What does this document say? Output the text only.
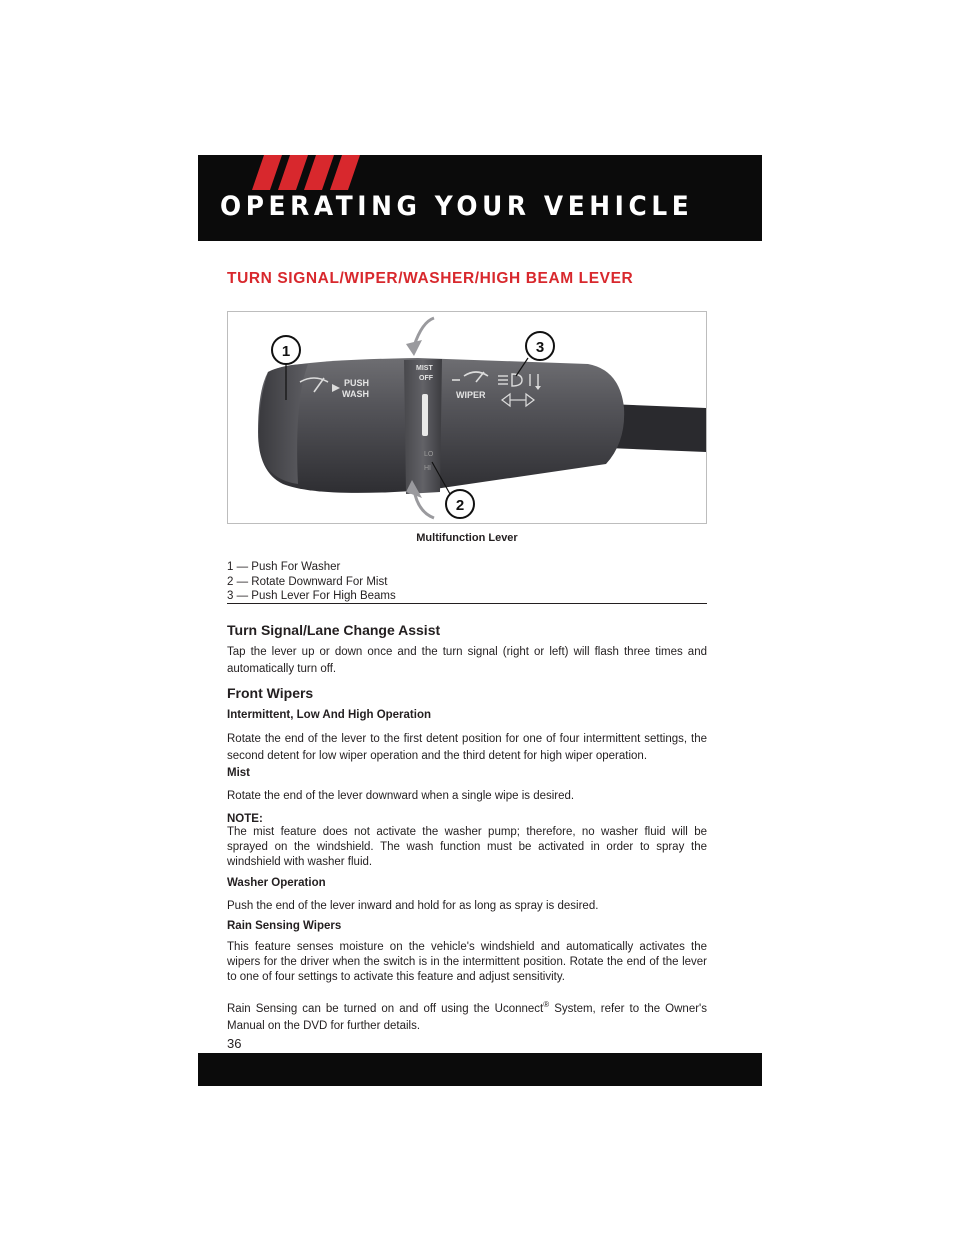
OPERATING YOUR VEHICLE
TURN SIGNAL/WIPER/WASHER/HIGH BEAM LEVER
PUSH
WASH
MIST
OFF
WIPER
LO
HI
1	3
2
Multifunction Lever
1 — Push For Washer
2 — Rotate Downward For Mist
3 — Push Lever For High Beams
Turn Signal/Lane Change Assist
Tap the lever up or down once and the turn signal (right or left) will flash three times and automatically turn off.
Front Wipers
Intermittent, Low And High Operation
Rotate the end of the lever to the first detent position for one of four intermittent settings, the second detent for low wiper operation and the third detent for high wiper operation.
Mist
Rotate the end of the lever downward when a single wipe is desired.
NOTE:
The mist feature does not activate the washer pump; therefore, no washer fluid will be sprayed on the windshield. The wash function must be activated in order to spray the windshield with washer fluid.
Washer Operation
Push the end of the lever inward and hold for as long as spray is desired.
Rain Sensing Wipers
This feature senses moisture on the vehicle's windshield and automatically activates the wipers for the driver when the switch is in the intermittent position. Rotate the end of the lever to one of four settings to activate this feature and adjust sensitivity.
Rain Sensing can be turned on and off using the Uconnect® System, refer to the Owner's Manual on the DVD for further details.
36
